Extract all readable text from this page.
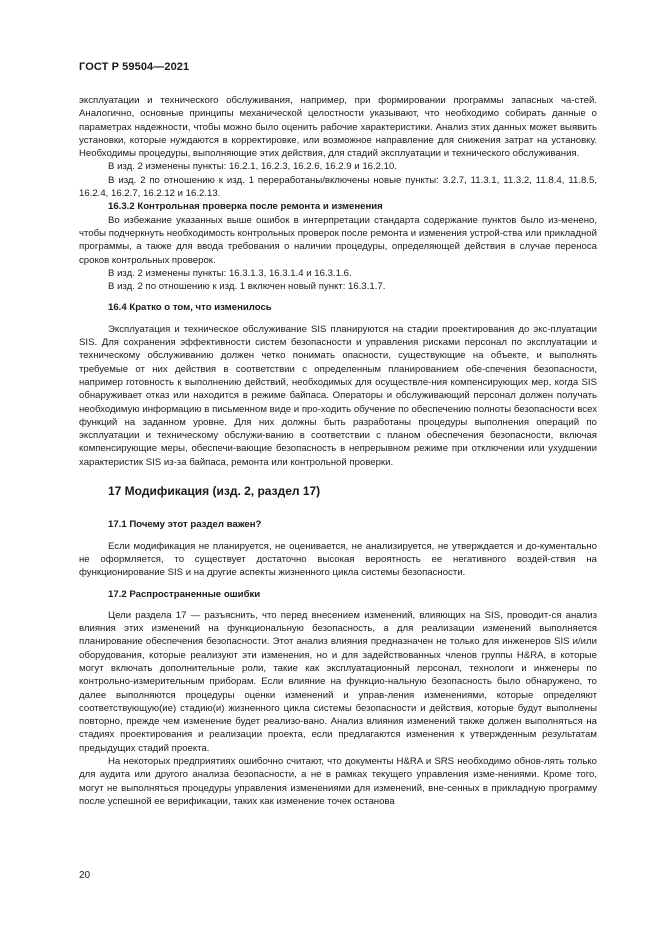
ГОСТ Р 59504—2021

эксплуатации и технического обслуживания, например, при формировании программы запасных ча-стей. Аналогично, основные принципы механической целостности указывают, что необходимо собирать данные о параметрах надежности, чтобы можно было оценить рабочие характеристики. Анализ этих данных может выявить установки, которые нуждаются в корректировке, или возможное направление для снижения затрат на установку. Необходимы процедуры, выполняющие этих действия, для стадий эксплуатации и технического обслуживания.

В изд. 2 изменены пункты: 16.2.1, 16.2.3, 16.2.6, 16.2.9 и 16.2.10.

В изд. 2 по отношению к изд. 1 переработаны/включены новые пункты: 3.2.7, 11.3.1, 11.3.2, 11.8.4, 11.8.5, 16.2.4, 16.2.7, 16.2.12 и 16.2.13.

16.3.2 Контрольная проверка после ремонта и изменения

Во избежание указанных выше ошибок в интерпретации стандарта содержание пунктов было из-менено, чтобы подчеркнуть необходимость контрольных проверок после ремонта и изменения устрой-ства или прикладной программы, а также для ввода требования о наличии процедуры, определяющей действия в случае переноса сроков контрольных проверок.

В изд. 2 изменены пункты: 16.3.1.3, 16.3.1.4 и 16.3.1.6.

В изд. 2 по отношению к изд. 1 включен новый пункт: 16.3.1.7.

16.4 Кратко о том, что изменилось

Эксплуатация и техническое обслуживание SIS планируются на стадии проектирования до экс-плуатации SIS. Для сохранения эффективности систем безопасности и управления рисками персонал по эксплуатации и техническому обслуживанию должен четко понимать опасности, существующие на объекте, и выполнять требуемые от них действия в соответствии с определенным планированием обе-спечения безопасности, например готовность к выполнению действий, необходимых для осуществле-ния компенсирующих мер, когда SIS обнаруживает отказ или находится в режиме байпаса. Операторы и обслуживающий персонал должен получать необходимую информацию в письменном виде и про-ходить обучение по обеспечению полноты безопасности всех функций на заданном уровне. Для них должны быть разработаны процедуры выполнения операций по эксплуатации и техническому обслужи-ванию в соответствии с планом обеспечения безопасности, включая компенсирующие меры, обеспечи-вающие безопасность в непрерывном режиме при отключении или ухудшении характеристик SIS из-за байпаса, ремонта или контрольной проверки.

17 Модификация (изд. 2, раздел 17)

17.1 Почему этот раздел важен?

Если модификация не планируется, не оценивается, не анализируется, не утверждается и до-кументально не оформляется, то существует достаточно высокая вероятность ее негативного воздей-ствия на функционирование SIS и на другие аспекты жизненного цикла системы безопасности.

17.2 Распространенные ошибки

Цели раздела 17 — разъяснить, что перед внесением изменений, влияющих на SIS, проводит-ся анализ влияния этих изменений на функциональную безопасность, а для реализации изменений выполняется планирование обеспечения безопасности. Этот анализ влияния предназначен не только для инженеров SIS и/или оборудования, которые реализуют эти изменения, но и для задействованных членов группы H&RA, в которые могут включать дополнительные роли, такие как эксплуатационный персонал, технологи и инженеры по контрольно-измерительным приборам. Если влияние на функцио-нальную безопасность было обнаружено, то далее выполняются процедуры оценки изменений и управ-ления изменениями, которые определяют соответствующую(ие) стадию(и) жизненного цикла системы безопасности и действия, которые будут выполнены повторно, прежде чем изменение будет реализо-вано. Анализ влияния изменений также должен выполняться на стадиях проектирования и реализации проекта, если предлагаются изменения к утвержденным результатам предыдущих стадий проекта.

На некоторых предприятиях ошибочно считают, что документы H&RA и SRS необходимо обнов-лять только для аудита или другого анализа безопасности, а не в рамках текущего управления изме-нениями. Кроме того, могут не выполняться процедуры управления изменениями для изменений, вне-сенных в прикладную программу после успешной ее верификации, таких как изменение точек останова

20
